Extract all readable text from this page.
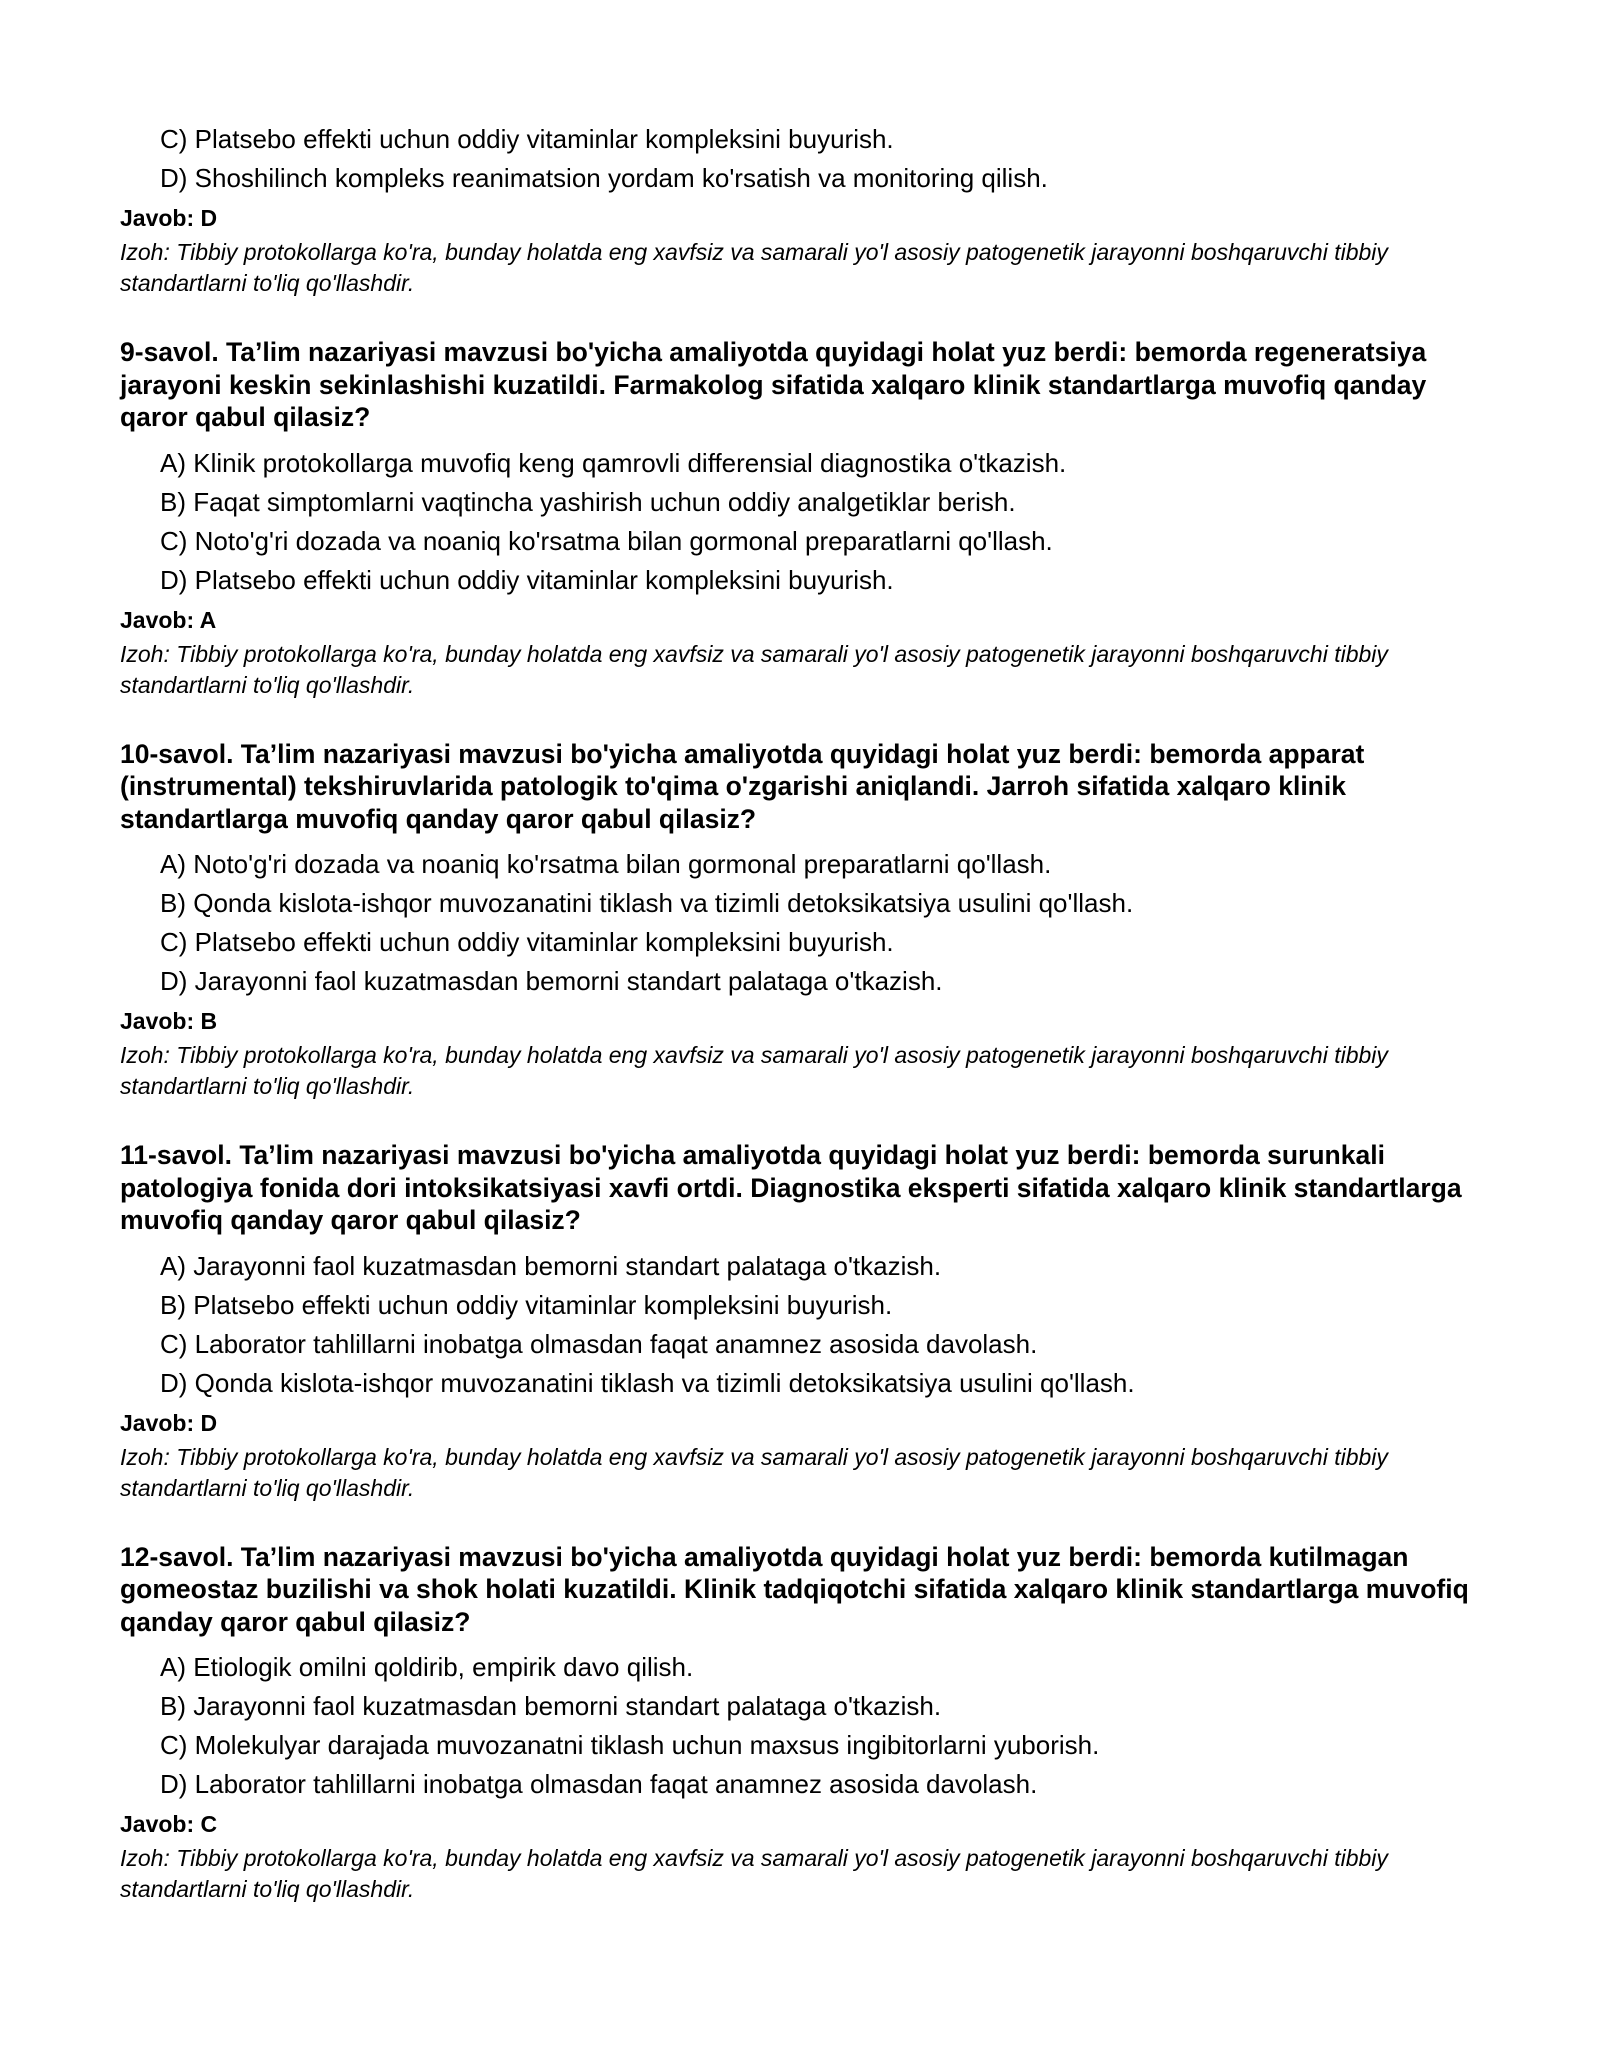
C) Platsebo effekti uchun oddiy vitaminlar kompleksini buyurish.
D) Shoshilinch kompleks reanimatsion yordam ko'rsatish va monitoring qilish.
Javob: D
Izoh: Tibbiy protokollarga ko'ra, bunday holatda eng xavfsiz va samarali yo'l asosiy patogenetik jarayonni boshqaruvchi tibbiy standartlarni to'liq qo'llashdir.
9-savol. Ta’lim nazariyasi mavzusi bo'yicha amaliyotda quyidagi holat yuz berdi: bemorda regeneratsiya jarayoni keskin sekinlashishi kuzatildi. Farmakolog sifatida xalqaro klinik standartlarga muvofiq qanday qaror qabul qilasiz?
A) Klinik protokollarga muvofiq keng qamrovli differensial diagnostika o'tkazish.
B) Faqat simptomlarni vaqtincha yashirish uchun oddiy analgetiklar berish.
C) Noto'g'ri dozada va noaniq ko'rsatma bilan gormonal preparatlarni qo'llash.
D) Platsebo effekti uchun oddiy vitaminlar kompleksini buyurish.
Javob: A
Izoh: Tibbiy protokollarga ko'ra, bunday holatda eng xavfsiz va samarali yo'l asosiy patogenetik jarayonni boshqaruvchi tibbiy standartlarni to'liq qo'llashdir.
10-savol. Ta’lim nazariyasi mavzusi bo'yicha amaliyotda quyidagi holat yuz berdi: bemorda apparat (instrumental) tekshiruvlarida patologik to'qima o'zgarishi aniqlandi. Jarroh sifatida xalqaro klinik standartlarga muvofiq qanday qaror qabul qilasiz?
A) Noto'g'ri dozada va noaniq ko'rsatma bilan gormonal preparatlarni qo'llash.
B) Qonda kislota-ishqor muvozanatini tiklash va tizimli detoksikatsiya usulini qo'llash.
C) Platsebo effekti uchun oddiy vitaminlar kompleksini buyurish.
D) Jarayonni faol kuzatmasdan bemorni standart palataga o'tkazish.
Javob: B
Izoh: Tibbiy protokollarga ko'ra, bunday holatda eng xavfsiz va samarali yo'l asosiy patogenetik jarayonni boshqaruvchi tibbiy standartlarni to'liq qo'llashdir.
11-savol. Ta’lim nazariyasi mavzusi bo'yicha amaliyotda quyidagi holat yuz berdi: bemorda surunkali patologiya fonida dori intoksikatsiyasi xavfi ortdi. Diagnostika eksperti sifatida xalqaro klinik standartlarga muvofiq qanday qaror qabul qilasiz?
A) Jarayonni faol kuzatmasdan bemorni standart palataga o'tkazish.
B) Platsebo effekti uchun oddiy vitaminlar kompleksini buyurish.
C) Laborator tahlillarni inobatga olmasdan faqat anamnez asosida davolash.
D) Qonda kislota-ishqor muvozanatini tiklash va tizimli detoksikatsiya usulini qo'llash.
Javob: D
Izoh: Tibbiy protokollarga ko'ra, bunday holatda eng xavfsiz va samarali yo'l asosiy patogenetik jarayonni boshqaruvchi tibbiy standartlarni to'liq qo'llashdir.
12-savol. Ta’lim nazariyasi mavzusi bo'yicha amaliyotda quyidagi holat yuz berdi: bemorda kutilmagan gomeostaz buzilishi va shok holati kuzatildi. Klinik tadqiqotchi sifatida xalqaro klinik standartlarga muvofiq qanday qaror qabul qilasiz?
A) Etiologik omilni qoldirib, empirik davo qilish.
B) Jarayonni faol kuzatmasdan bemorni standart palataga o'tkazish.
C) Molekulyar darajada muvozanatni tiklash uchun maxsus ingibitorlarni yuborish.
D) Laborator tahlillarni inobatga olmasdan faqat anamnez asosida davolash.
Javob: C
Izoh: Tibbiy protokollarga ko'ra, bunday holatda eng xavfsiz va samarali yo'l asosiy patogenetik jarayonni boshqaruvchi tibbiy standartlarni to'liq qo'llashdir.
